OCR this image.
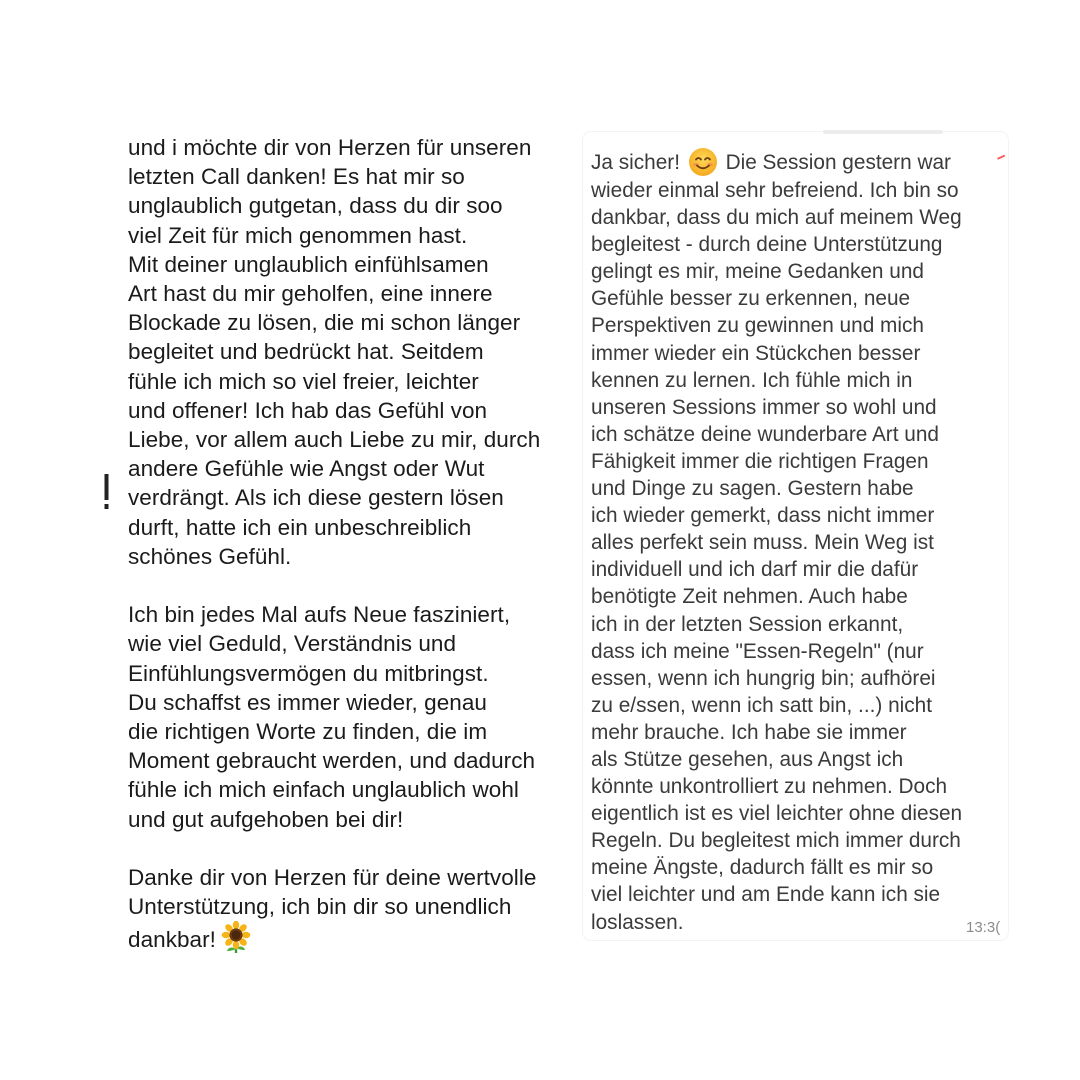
und i möchte dir von Herzen für unseren
letzten Call danken! Es hat mir so
unglaublich gutgetan, dass du dir soo
viel Zeit für mich genommen hast.
Mit deiner unglaublich einfühlsamen
Art hast du mir geholfen, eine innere
Blockade zu lösen, die mi schon länger
begleitet und bedrückt hat. Seitdem
fühle ich mich so viel freier, leichter
und offener! Ich hab das Gefühl von
Liebe, vor allem auch Liebe zu mir, durch
andere Gefühle wie Angst oder Wut
verdrängt. Als ich diese gestern lösen
durft, hatte ich ein unbeschreiblich
schönes Gefühl.
Ich bin jedes Mal aufs Neue fasziniert,
wie viel Geduld, Verständnis und
Einfühlungsvermögen du mitbringst.
Du schaffst es immer wieder, genau
die richtigen Worte zu finden, die im
Moment gebraucht werden, und dadurch
fühle ich mich einfach unglaublich wohl
und gut aufgehoben bei dir!
Danke dir von Herzen für deine wertvolle
Unterstützung, ich bin dir so unendlich
dankbar!
Ja sicher! Die Session gestern war
wieder einmal sehr befreiend. Ich bin so
dankbar, dass du mich auf meinem Weg
begleitest - durch deine Unterstützung
gelingt es mir, meine Gedanken und
Gefühle besser zu erkennen, neue
Perspektiven zu gewinnen und mich
immer wieder ein Stückchen besser
kennen zu lernen. Ich fühle mich in
unseren Sessions immer so wohl und
ich schätze deine wunderbare Art und
Fähigkeit immer die richtigen Fragen
und Dinge zu sagen. Gestern habe
ich wieder gemerkt, dass nicht immer
alles perfekt sein muss. Mein Weg ist
individuell und ich darf mir die dafür
benötigte Zeit nehmen. Auch habe
ich in der letzten Session erkannt,
dass ich meine "Essen-Regeln" (nur
essen, wenn ich hungrig bin; aufhörei
zu e/ssen, wenn ich satt bin, ...) nicht
mehr brauche. Ich habe sie immer
als Stütze gesehen, aus Angst ich
könnte unkontrolliert zu nehmen. Doch
eigentlich ist es viel leichter ohne diesen
Regeln. Du begleitest mich immer durch
meine Ängste, dadurch fällt es mir so
viel leichter und am Ende kann ich sie
loslassen.	13:3(
